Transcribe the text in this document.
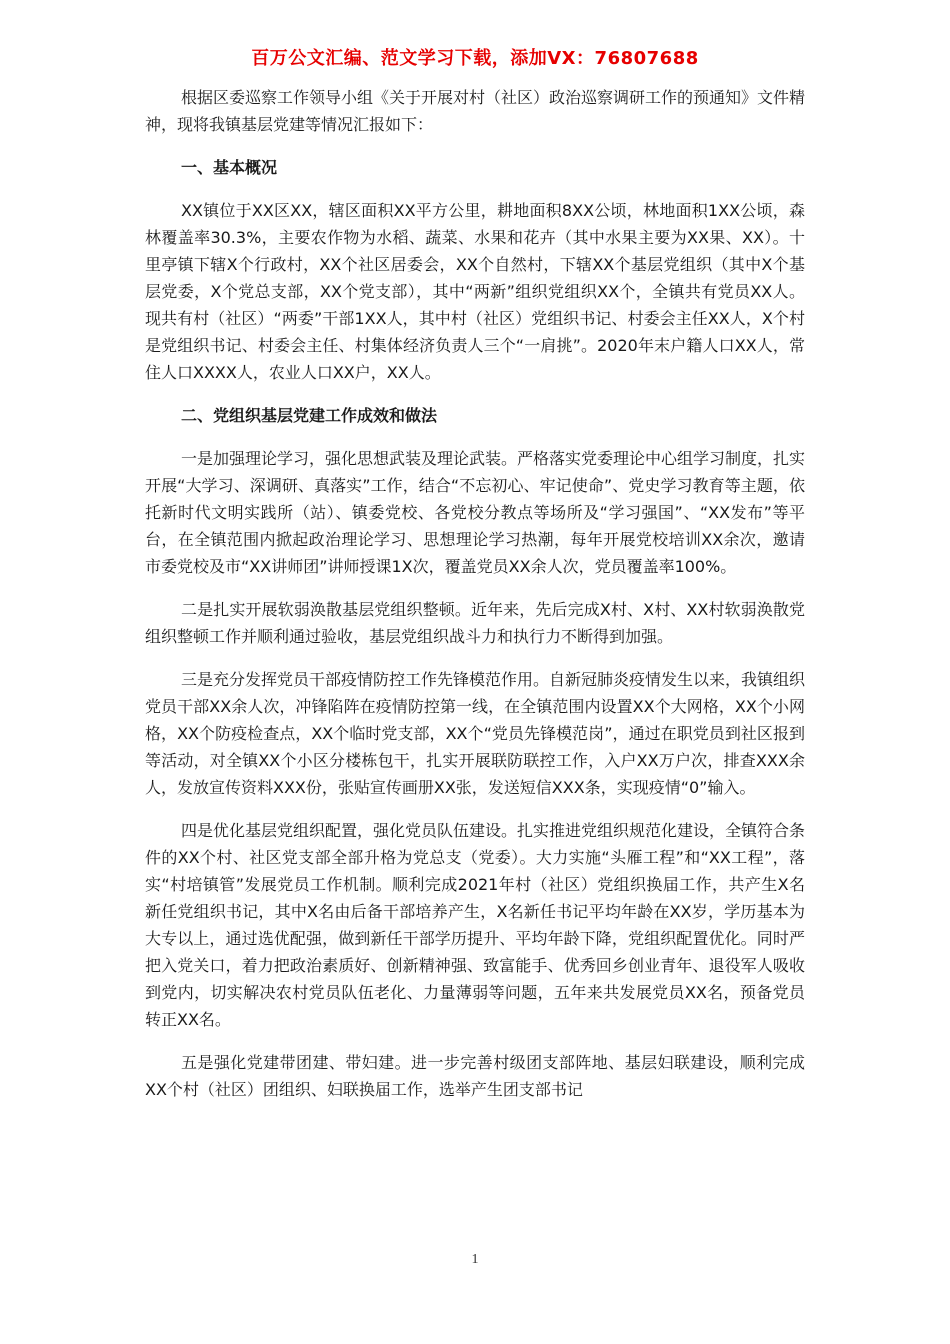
百万公文汇编、范文学习下载，添加VX：76807688

根据区委巡察工作领导小组《关于开展对村（社区）政治巡察调研工作的预通知》文件精神，现将我镇基层党建等情况汇报如下：

一、基本概况

XX镇位于XX区XX，辖区面积XX平方公里，耕地面积8XX公顷，林地面积1XX公顷，森林覆盖率30.3%，主要农作物为水稻、蔬菜、水果和花卉（其中水果主要为XX果、XX）。十里亭镇下辖X个行政村，XX个社区居委会，XX个自然村，下辖XX个基层党组织（其中X个基层党委，X个党总支部，XX个党支部），其中“两新”组织党组织XX个，全镇共有党员XX人。现共有村（社区）“两委”干部1XX人，其中村（社区）党组织书记、村委会主任XX人，X个村是党组织书记、村委会主任、村集体经济负责人三个“一肩挑”。2020年末户籍人口XX人，常住人口XXXX人，农业人口XX户，XX人。

二、党组织基层党建工作成效和做法

一是加强理论学习，强化思想武装及理论武装。严格落实党委理论中心组学习制度，扎实开展“大学习、深调研、真落实”工作，结合“不忘初心、牢记使命”、党史学习教育等主题，依托新时代文明实践所（站）、镇委党校、各党校分教点等场所及“学习强国”、“XX发布”等平台，在全镇范围内掀起政治理论学习、思想理论学习热潮，每年开展党校培训XX余次，邀请市委党校及市“XX讲师团”讲师授课1X次，覆盖党员XX余人次，党员覆盖率100%。

二是扎实开展软弱涣散基层党组织整顿。近年来，先后完成X村、X村、XX村软弱涣散党组织整顿工作并顺利通过验收，基层党组织战斗力和执行力不断得到加强。

三是充分发挥党员干部疫情防控工作先锋模范作用。自新冠肺炎疫情发生以来，我镇组织党员干部XX余人次，冲锋陷阵在疫情防控第一线，在全镇范围内设置XX个大网格，XX个小网格，XX个防疫检查点，XX个临时党支部，XX个“党员先锋模范岗”，通过在职党员到社区报到等活动，对全镇XX个小区分楼栋包干，扎实开展联防联控工作，入户XX万户次，排查XXX余人，发放宣传资料XXX份，张贴宣传画册XX张，发送短信XXX条，实现疫情“0”输入。

四是优化基层党组织配置，强化党员队伍建设。扎实推进党组织规范化建设，全镇符合条件的XX个村、社区党支部全部升格为党总支（党委）。大力实施“头雁工程”和“XX工程”，落实“村培镇管”发展党员工作机制。顺利完成2021年村（社区）党组织换届工作，共产生X名新任党组织书记，其中X名由后备干部培养产生，X名新任书记平均年龄在XX岁，学历基本为大专以上，通过选优配强，做到新任干部学历提升、平均年龄下降，党组织配置优化。同时严把入党关口，着力把政治素质好、创新精神强、致富能手、优秀回乡创业青年、退役军人吸收到党内，切实解决农村党员队伍老化、力量薄弱等问题，五年来共发展党员XX名，预备党员转正XX名。

五是强化党建带团建、带妇建。进一步完善村级团支部阵地、基层妇联建设，顺利完成XX个村（社区）团组织、妇联换届工作，选举产生团支部书记

1
